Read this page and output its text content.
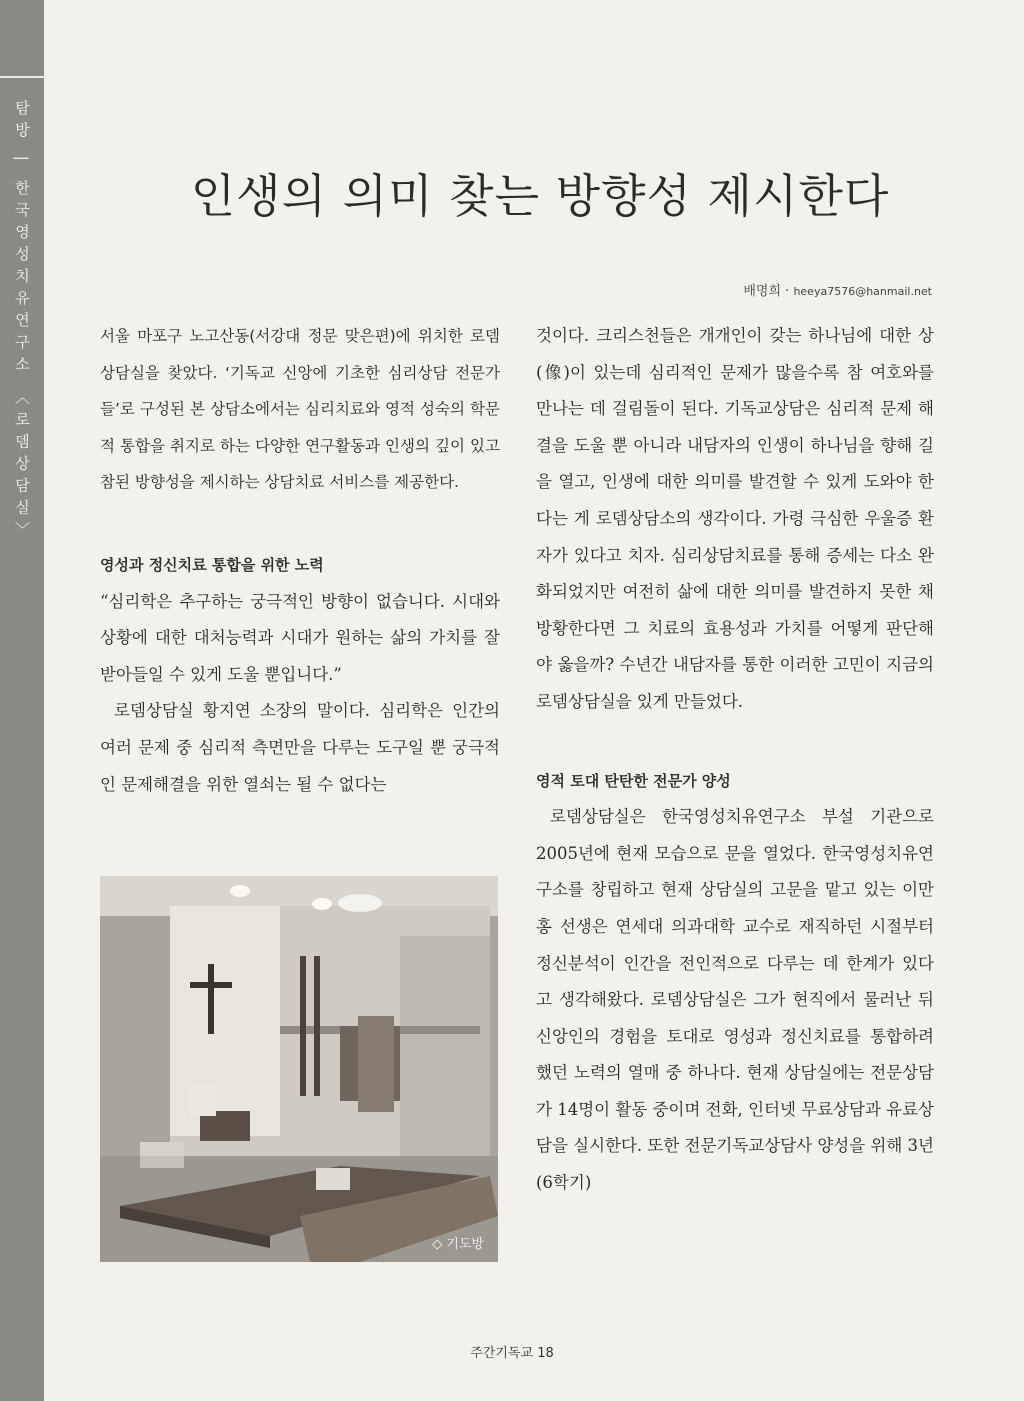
탐방 | 한국영성치유연구소 〈로뎀상담실〉	인생의 의미 찾는 방향성 제시한다
배명희 · heeya7576@hanmail.net

서울 마포구 노고산동(서강대 정문 맞은편)에 위치한 로뎀상담실을 찾았다. ‘기독교 신앙에 기초한 심리상담 전문가들’로 구성된 본 상담소에서는 심리치료와 영적 성숙의 학문적 통합을 취지로 하는 다양한 연구활동과 인생의 깊이 있고 참된 방향성을 제시하는 상담치료 서비스를 제공한다.

영성과 정신치료 통합을 위한 노력

“심리학은 추구하는 궁극적인 방향이 없습니다. 시대와 상황에 대한 대처능력과 시대가 원하는 삶의 가치를 잘 받아들일 수 있게 도울 뿐입니다.”

로뎀상담실 황지연 소장의 말이다. 심리학은 인간의 여러 문제 중 심리적 측면만을 다루는 도구일 뿐 궁극적인 문제해결을 위한 열쇠는 될 수 없다는

◇ 기도방

것이다. 크리스천들은 개개인이 갖는 하나님에 대한 상(像)이 있는데 심리적인 문제가 많을수록 참 여호와를 만나는 데 걸림돌이 된다. 기독교상담은 심리적 문제 해결을 도울 뿐 아니라 내담자의 인생이 하나님을 향해 길을 열고, 인생에 대한 의미를 발견할 수 있게 도와야 한다는 게 로뎀상담소의 생각이다. 가령 극심한 우울증 환자가 있다고 치자. 심리상담치료를 통해 증세는 다소 완화되었지만 여전히 삶에 대한 의미를 발견하지 못한 채 방황한다면 그 치료의 효용성과 가치를 어떻게 판단해야 옳을까? 수년간 내담자를 통한 이러한 고민이 지금의 로뎀상담실을 있게 만들었다.

영적 토대 탄탄한 전문가 양성

로뎀상담실은 한국영성치유연구소 부설 기관으로 2005년에 현재 모습으로 문을 열었다. 한국영성치유연구소를 창립하고 현재 상담실의 고문을 맡고 있는 이만홍 선생은 연세대 의과대학 교수로 재직하던 시절부터 정신분석이 인간을 전인적으로 다루는 데 한계가 있다고 생각해왔다. 로뎀상담실은 그가 현직에서 물러난 뒤 신앙인의 경험을 토대로 영성과 정신치료를 통합하려 했던 노력의 열매 중 하나다. 현재 상담실에는 전문상담가 14명이 활동 중이며 전화, 인터넷 무료상담과 유료상담을 실시한다. 또한 전문기독교상담사 양성을 위해 3년(6학기)

주간기독교 18
